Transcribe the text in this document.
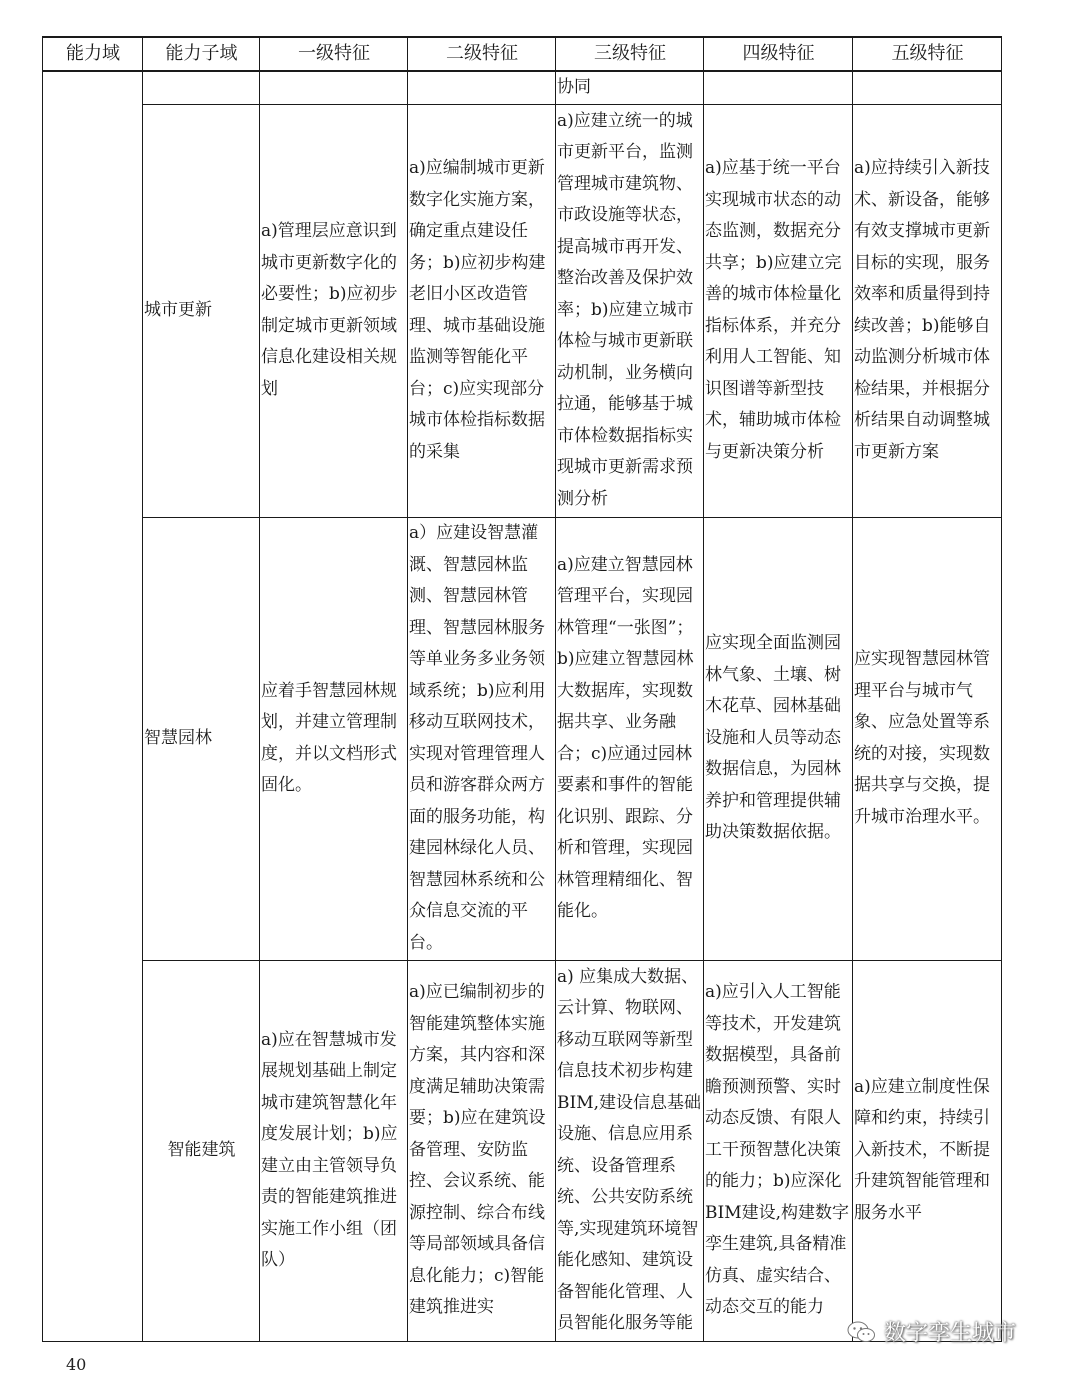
能力域	能力子域	一级特征	二级特征	三级特征	四级特征	五级特征
				协同		
	城市更新	a)管理层应意识到城市更新数字化的必要性；b)应初步制定城市更新领域信息化建设相关规划	a)应编制城市更新数字化实施方案，确定重点建设任务；b)应初步构建老旧小区改造管理、城市基础设施监测等智能化平台；c)应实现部分城市体检指标数据的采集	a)应建立统一的城市更新平台，监测管理城市建筑物、市政设施等状态，提高城市再开发、整治改善及保护效率；b)应建立城市体检与城市更新联动机制，业务横向拉通，能够基于城市体检数据指标实现城市更新需求预测分析	a)应基于统一平台实现城市状态的动态监测，数据充分共享；b)应建立完善的城市体检量化指标体系，并充分利用人工智能、知识图谱等新型技术，辅助城市体检与更新决策分析	a)应持续引入新技术、新设备，能够有效支撑城市更新目标的实现，服务效率和质量得到持续改善；b)能够自动监测分析城市体检结果，并根据分析结果自动调整城市更新方案
	智慧园林	应着手智慧园林规划，并建立管理制度，并以文档形式固化。	a）应建设智慧灌溉、智慧园林监测、智慧园林管理、智慧园林服务等单业务多业务领域系统；b)应利用移动互联网技术，实现对管理管理人员和游客群众两方面的服务功能，构建园林绿化人员、智慧园林系统和公众信息交流的平台。	a)应建立智慧园林管理平台，实现园林管理“一张图”；b)应建立智慧园林大数据库，实现数据共享、业务融合；c)应通过园林要素和事件的智能化识别、跟踪、分析和管理，实现园林管理精细化、智能化。	应实现全面监测园林气象、土壤、树木花草、园林基础设施和人员等动态数据信息，为园林养护和管理提供辅助决策数据依据。	应实现智慧园林管理平台与城市气象、应急处置等系统的对接，实现数据共享与交换，提升城市治理水平。
	智能建筑	a)应在智慧城市发展规划基础上制定城市建筑智慧化年度发展计划；b)应建立由主管领导负责的智能建筑推进实施工作小组（团队）	a)应已编制初步的智能建筑整体实施方案，其内容和深度满足辅助决策需要；b)应在建筑设备管理、安防监控、会议系统、能源控制、综合布线等局部领域具备信息化能力；c)智能建筑推进实	a) 应集成大数据、云计算、物联网、移动互联网等新型信息技术初步构建BIM,建设信息基础设施、信息应用系统、设备管理系统、公共安防系统等,实现建筑环境智能化感知、建筑设备智能化管理、人员智能化服务等能	a)应引入人工智能等技术，开发建筑数据模型，具备前瞻预测预警、实时动态反馈、有限人工干预智慧化决策的能力；b)应深化BIM建设,构建数字孪生建筑,具备精准仿真、虚实结合、动态交互的能力	a)应建立制度性保障和约束，持续引入新技术，不断提升建筑智能管理和服务水平
数字孪生城市
40
